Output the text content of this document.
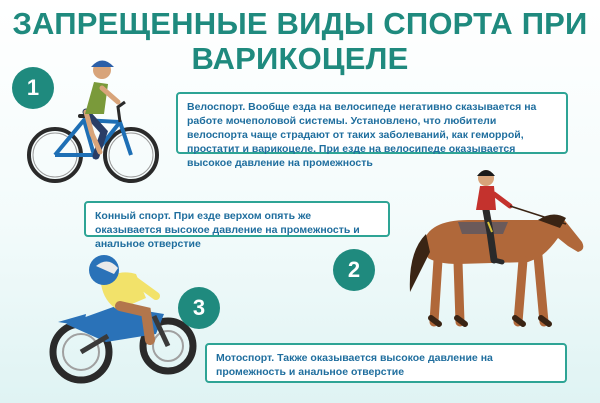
ЗАПРЕЩЕННЫЕ ВИДЫ СПОРТА ПРИ
ВАРИКОЦЕЛЕ
1
Велоспорт. Вообще езда на велосипеде негативно сказывается на работе мочеполовой системы. Установлено, что любители велоспорта чаще страдают от таких заболеваний, как геморрой, простатит и варикоцеле. При езде на велосипеде оказывается высокое давление на промежность
Конный спорт. При езде верхом опять же оказывается высокое давление на промежность и анальное отверстие
2
3
Мотоспорт. Также оказывается высокое давление на промежность и анальное отверстие
